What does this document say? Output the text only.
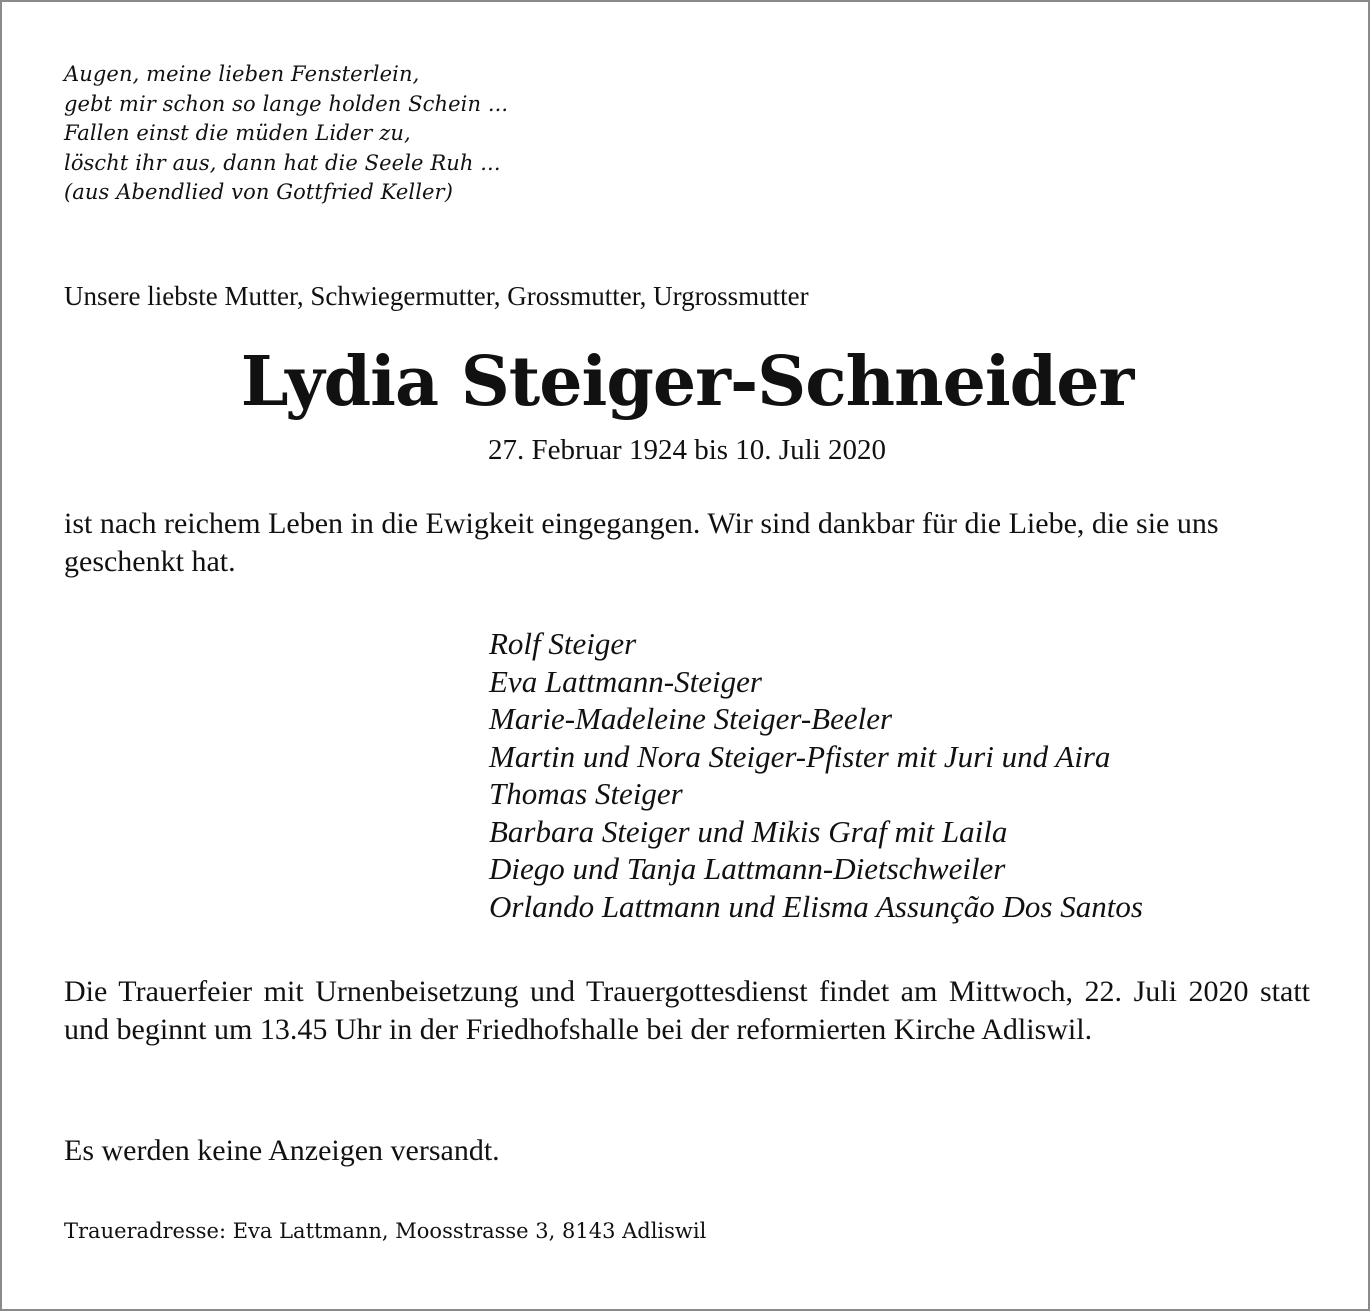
Augen, meine lieben Fensterlein,
gebt mir schon so lange holden Schein ...
Fallen einst die müden Lider zu,
löscht ihr aus, dann hat die Seele Ruh ...
(aus Abendlied von Gottfried Keller)
Unsere liebste Mutter, Schwiegermutter, Grossmutter, Urgrossmutter
Lydia Steiger-Schneider
27. Februar 1924 bis 10. Juli 2020
ist nach reichem Leben in die Ewigkeit eingegangen. Wir sind dankbar für die Liebe, die sie uns geschenkt hat.
Rolf Steiger
Eva Lattmann-Steiger
Marie-Madeleine Steiger-Beeler
Martin und Nora Steiger-Pfister mit Juri und Aira
Thomas Steiger
Barbara Steiger und Mikis Graf mit Laila
Diego und Tanja Lattmann-Dietschweiler
Orlando Lattmann und Elisma Assunção Dos Santos
Die Trauerfeier mit Urnenbeisetzung und Trauergottesdienst findet am Mittwoch, 22. Juli 2020 statt und beginnt um 13.45 Uhr in der Friedhofshalle bei der reformierten Kirche Adliswil.
Es werden keine Anzeigen versandt.
Traueradresse: Eva Lattmann, Moosstrasse 3, 8143 Adliswil
